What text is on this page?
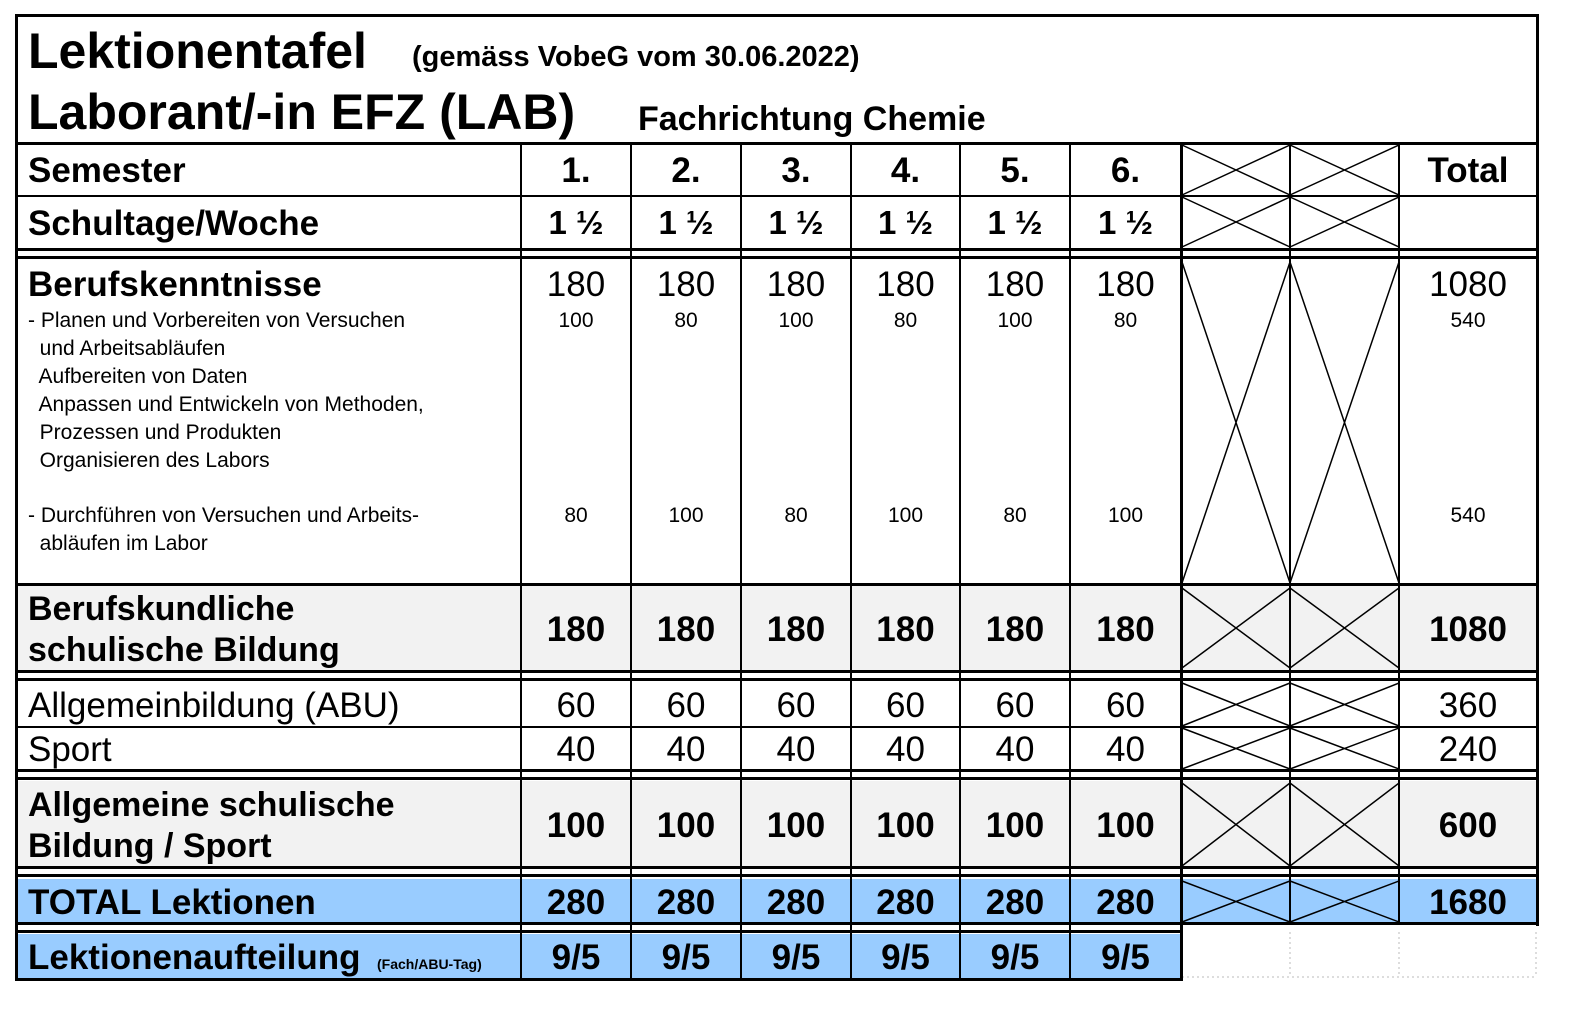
Lektionentafel (gemäss VobeG vom 30.06.2022)
Laborant/-in EFZ (LAB) Fachrichtung Chemie
Semester	1.	2.	3.	4.	5.	6.	Total
Schultage/Woche	1 ½	1 ½	1 ½	1 ½	1 ½	1 ½
Berufskenntnisse	180	180	180	180	180	180	1080
- Planen und Vorbereiten von Versuchen
und Arbeitsabläufen
Aufbereiten von Daten
Anpassen und Entwickeln von Methoden,
Prozessen und Produkten
Organisieren des Labors
100	80	100	80	100	80	540
- Durchführen von Versuchen und Arbeits-
abläufen im Labor
80	100	80	100	80	100	540
Berufskundliche
schulische Bildung
180	180	180	180	180	180	1080
Allgemeinbildung (ABU)	60	60	60	60	60	60	360
Sport	40	40	40	40	40	40	240
Allgemeine schulische
Bildung / Sport
100	100	100	100	100	100	600
TOTAL Lektionen	280	280	280	280	280	280	1680
Lektionenaufteilung (Fach/ABU-Tag)	9/5	9/5	9/5	9/5	9/5	9/5
